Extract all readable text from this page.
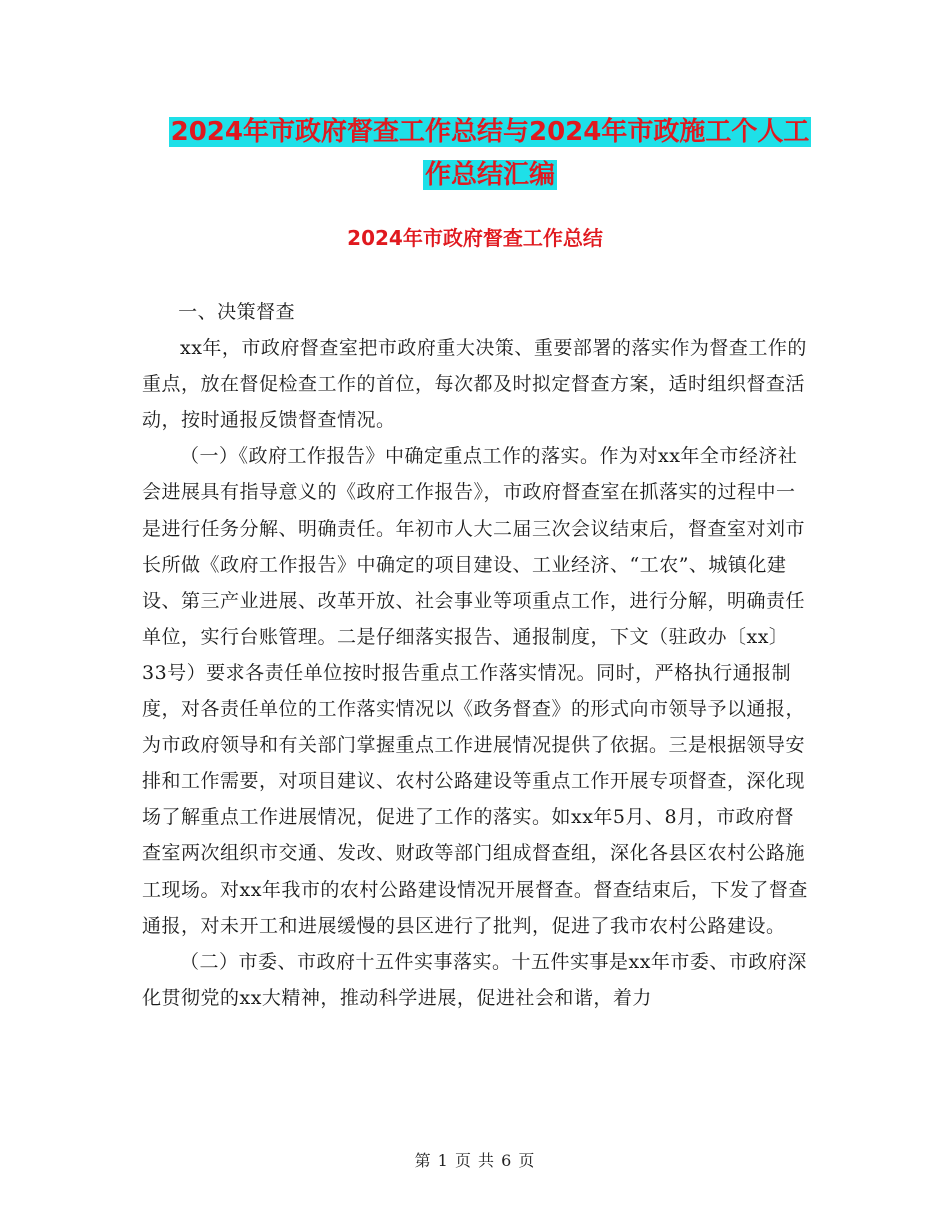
2024年市政府督查工作总结与2024年市政施工个人工
作总结汇编
2024年市政府督查工作总结

一、决策督查

xx年，市政府督查室把市政府重大决策、重要部署的落实作为督查工作的重点，放在督促检查工作的首位，每次都及时拟定督查方案，适时组织督查活动，按时通报反馈督查情况。

（一）《政府工作报告》中确定重点工作的落实。作为对xx年全市经济社会进展具有指导意义的《政府工作报告》，市政府督查室在抓落实的过程中一是进行任务分解、明确责任。年初市人大二届三次会议结束后，督查室对刘市长所做《政府工作报告》中确定的项目建设、工业经济、“工农”、城镇化建设、第三产业进展、改革开放、社会事业等项重点工作，进行分解，明确责任单位，实行台账管理。二是仔细落实报告、通报制度，下文（驻政办〔xx〕33号）要求各责任单位按时报告重点工作落实情况。同时，严格执行通报制度，对各责任单位的工作落实情况以《政务督查》的形式向市领导予以通报，为市政府领导和有关部门掌握重点工作进展情况提供了依据。三是根据领导安排和工作需要，对项目建议、农村公路建设等重点工作开展专项督查，深化现场了解重点工作进展情况，促进了工作的落实。如xx年5月、8月，市政府督查室两次组织市交通、发改、财政等部门组成督查组，深化各县区农村公路施工现场。对xx年我市的农村公路建设情况开展督查。督查结束后，下发了督查通报，对未开工和进展缓慢的县区进行了批判，促进了我市农村公路建设。

（二）市委、市政府十五件实事落实。十五件实事是xx年市委、市政府深化贯彻党的xx大精神，推动科学进展，促进社会和谐，着力

第 1 页 共 6 页
